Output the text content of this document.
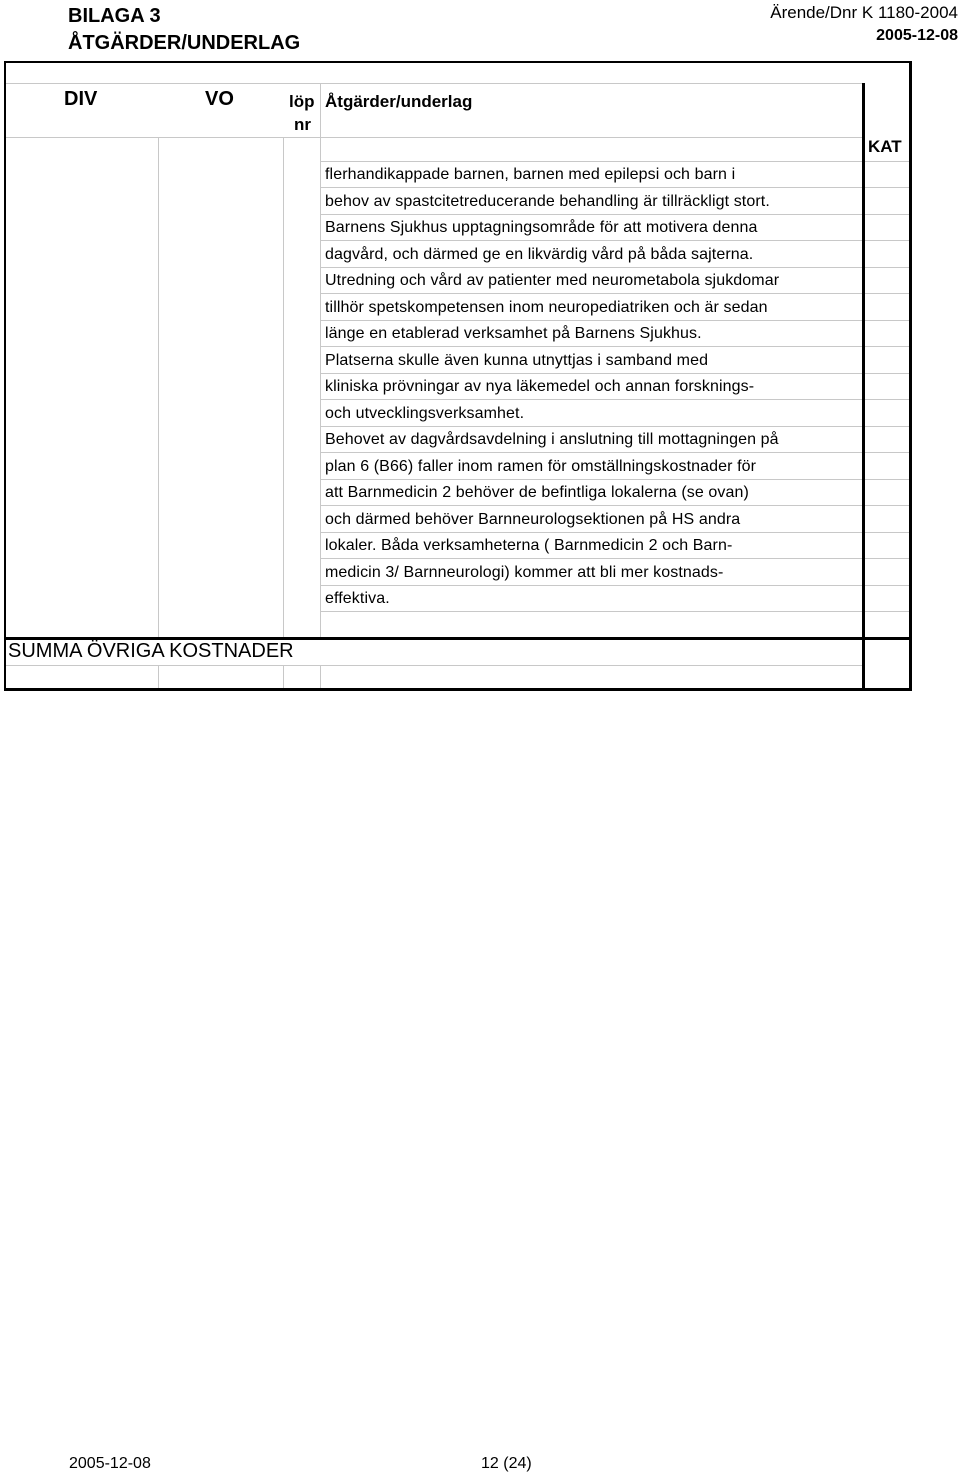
BILAGA 3
ÅTGÄRDER/UNDERLAG
Ärende/Dnr K 1180-2004
2005-12-08
DIV	VO	löp
nr
Åtgärder/underlag
KAT
flerhandikappade barnen, barnen med epilepsi och barn i
behov av spastcitetreducerande behandling är tillräckligt stort.
Barnens Sjukhus upptagningsområde för att motivera denna
dagvård, och därmed ge en likvärdig vård på båda sajterna.
Utredning och vård av patienter med neurometabola sjukdomar
tillhör spetskompetensen inom neuropediatriken och är sedan
länge en etablerad verksamhet på Barnens Sjukhus.
Platserna skulle även kunna utnyttjas i samband med
kliniska prövningar av nya läkemedel och annan forsknings-
och utvecklingsverksamhet.
Behovet av dagvårdsavdelning i anslutning till mottagningen på
plan 6 (B66) faller inom ramen för omställningskostnader för
att Barnmedicin 2 behöver de befintliga lokalerna (se ovan)
och därmed behöver Barnneurologsektionen på HS andra
lokaler. Båda verksamheterna ( Barnmedicin 2 och Barn-
medicin 3/ Barnneurologi) kommer att bli mer kostnads-
effektiva.
SUMMA ÖVRIGA KOSTNADER
2005-12-08	12 (24)
